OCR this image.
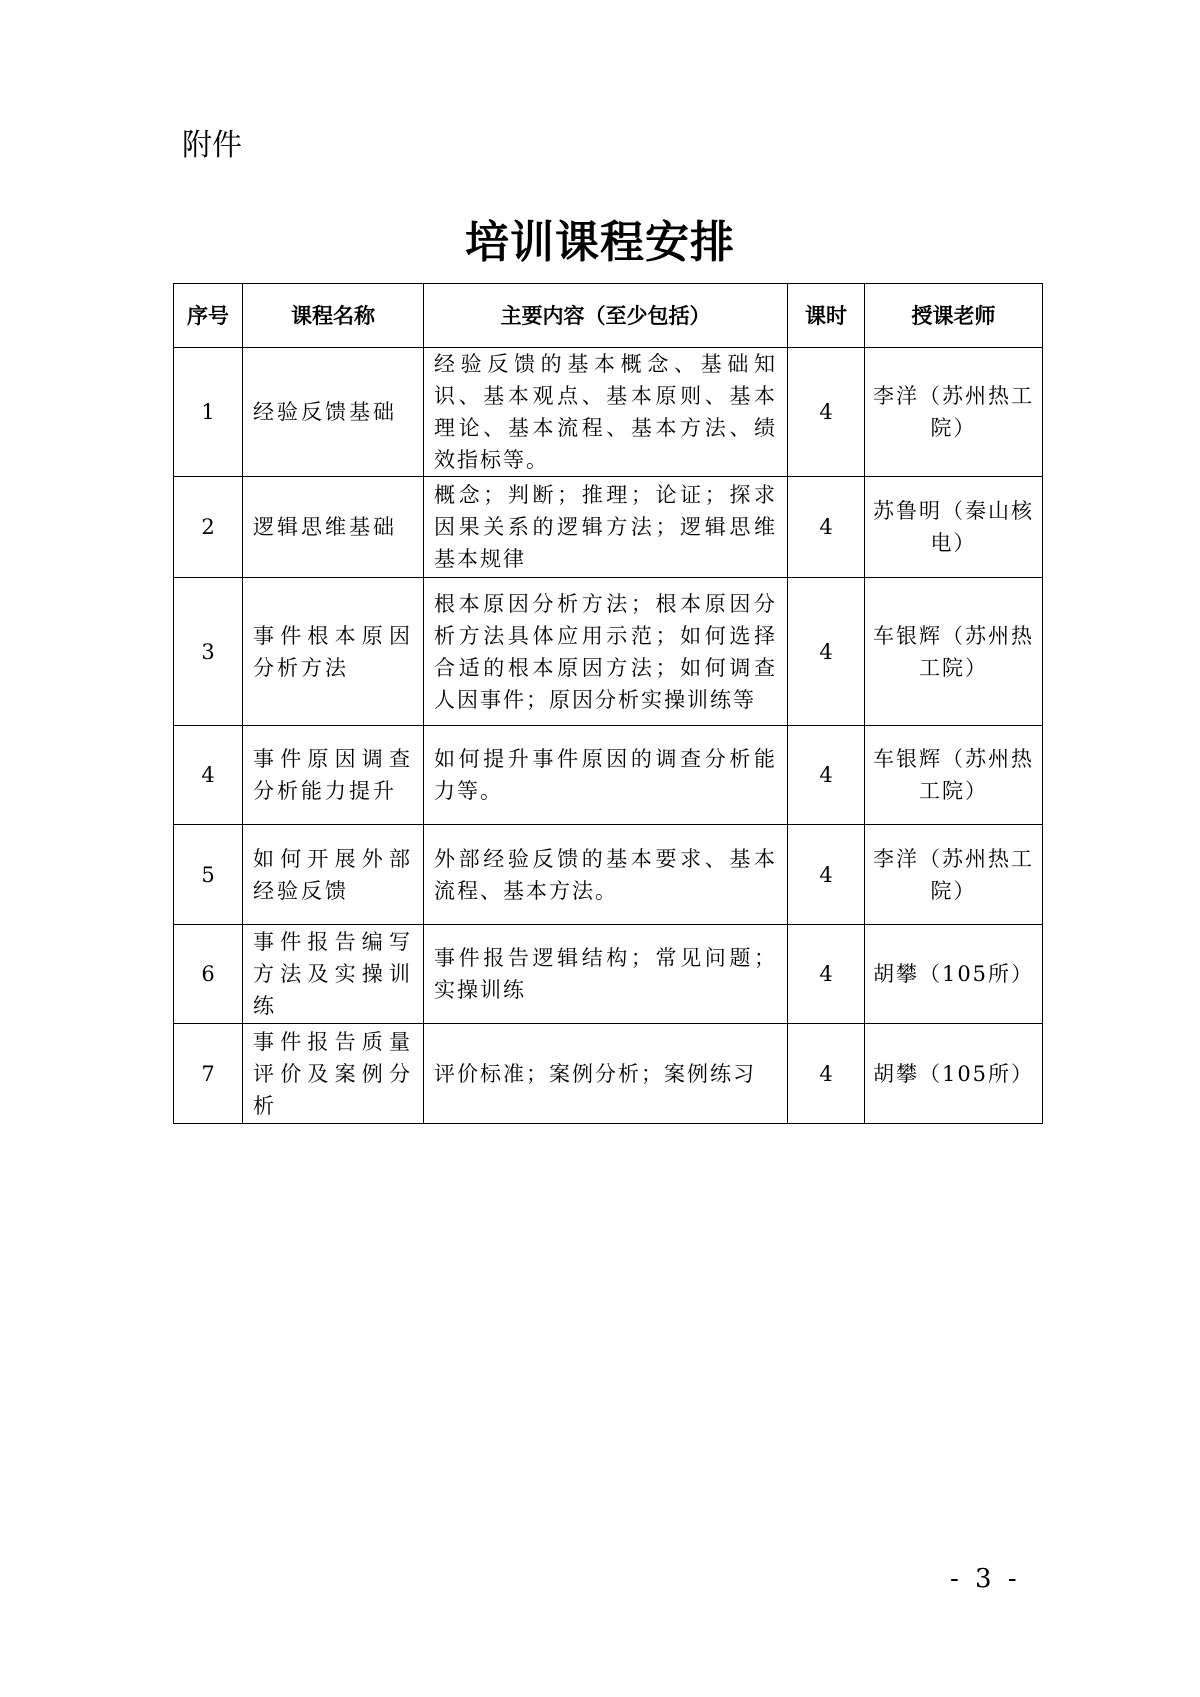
附件
培训课程安排
序号	课程名称	主要内容（至少包括）	课时	授课老师
1	经验反馈基础	经验反馈的基本概念、基础知识、基本观点、基本原则、基本理论、基本流程、基本方法、绩效指标等。	4	李洋（苏州热工院）
2	逻辑思维基础	概念；判断；推理；论证；探求因果关系的逻辑方法；逻辑思维基本规律	4	苏鲁明（秦山核电）
3	事件根本原因分析方法	根本原因分析方法；根本原因分析方法具体应用示范；如何选择合适的根本原因方法；如何调查人因事件；原因分析实操训练等	4	车银辉（苏州热工院）
4	事件原因调查分析能力提升	如何提升事件原因的调查分析能力等。	4	车银辉（苏州热工院）
5	如何开展外部经验反馈	外部经验反馈的基本要求、基本流程、基本方法。	4	李洋（苏州热工院）
6	事件报告编写方法及实操训练	事件报告逻辑结构；常见问题；实操训练	4	胡攀（105所）
7	事件报告质量评价及案例分析	评价标准；案例分析；案例练习	4	胡攀（105所）
- 3 -
